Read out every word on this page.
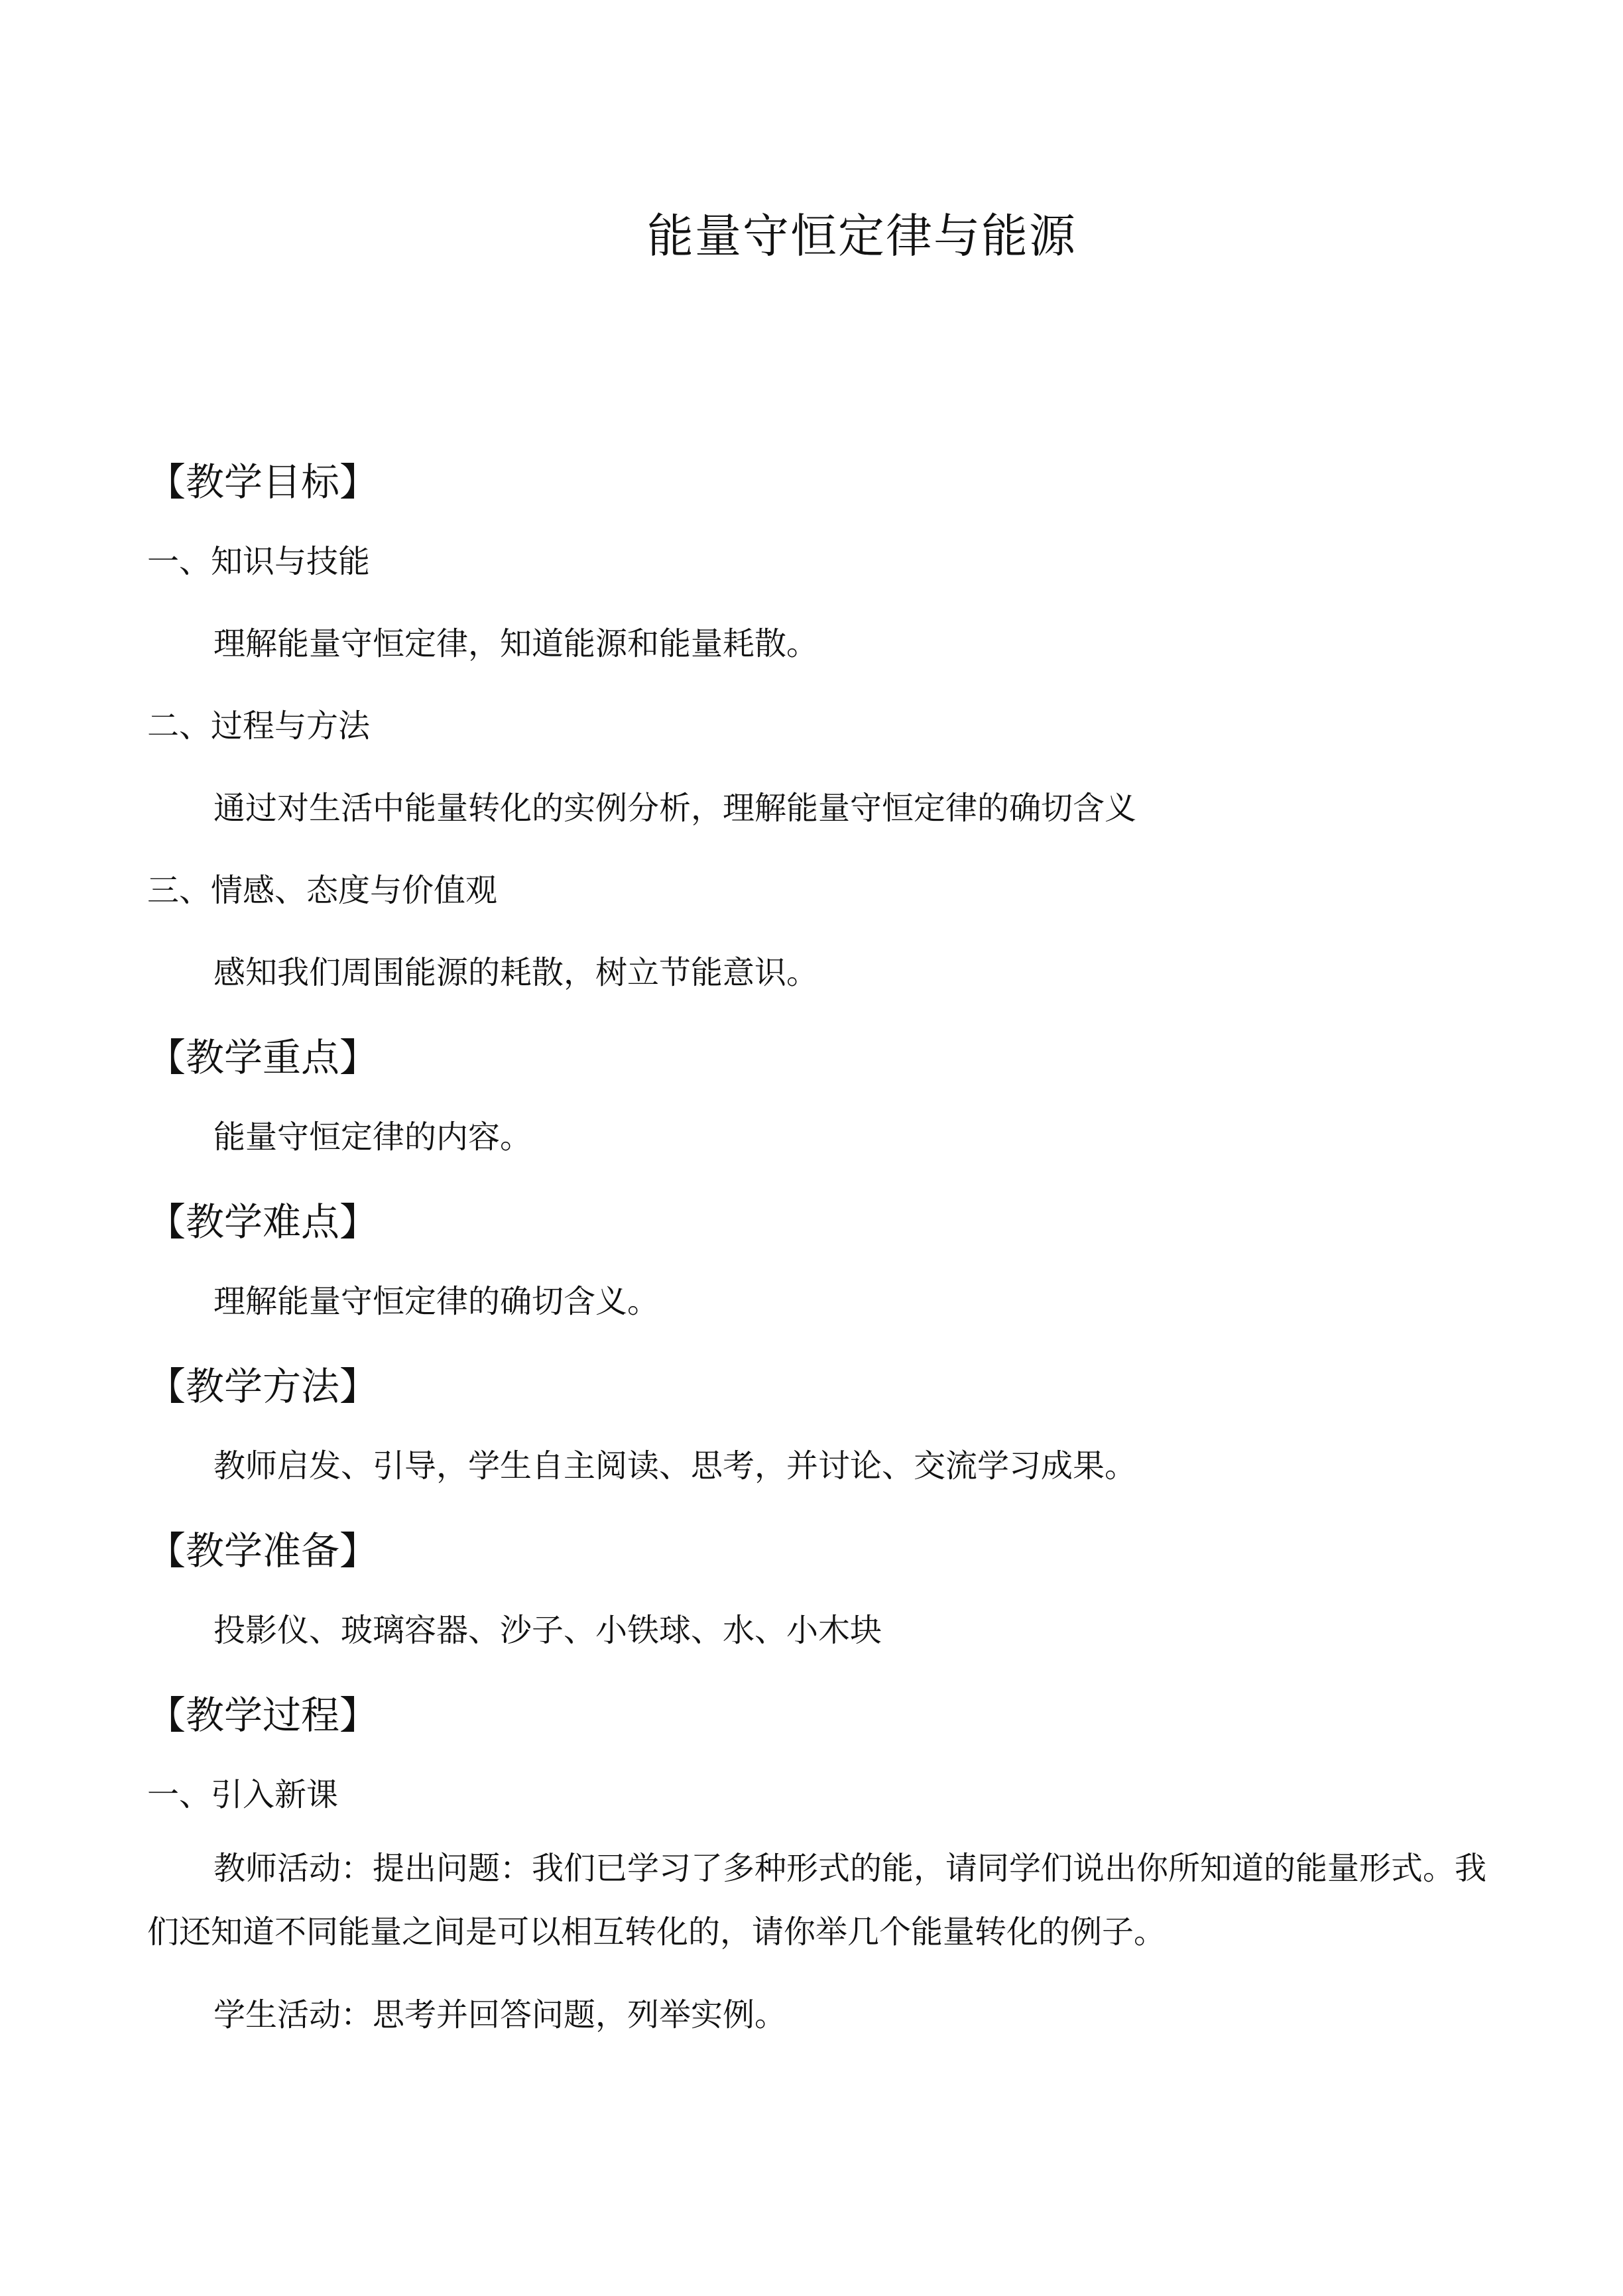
能量守恒定律与能源
【教学目标】
一、知识与技能
理解能量守恒定律，知道能源和能量耗散。
二、过程与方法
通过对生活中能量转化的实例分析，理解能量守恒定律的确切含义
三、情感、态度与价值观
感知我们周围能源的耗散，树立节能意识。
【教学重点】
能量守恒定律的内容。
【教学难点】
理解能量守恒定律的确切含义。
【教学方法】
教师启发、引导，学生自主阅读、思考，并讨论、交流学习成果。
【教学准备】
投影仪、玻璃容器、沙子、小铁球、水、小木块
【教学过程】
一、引入新课
教师活动：提出问题：我们已学习了多种形式的能，请同学们说出你所知道的能量形式。我们还知道不同能量之间是可以相互转化的，请你举几个能量转化的例子。
学生活动：思考并回答问题，列举实例。
